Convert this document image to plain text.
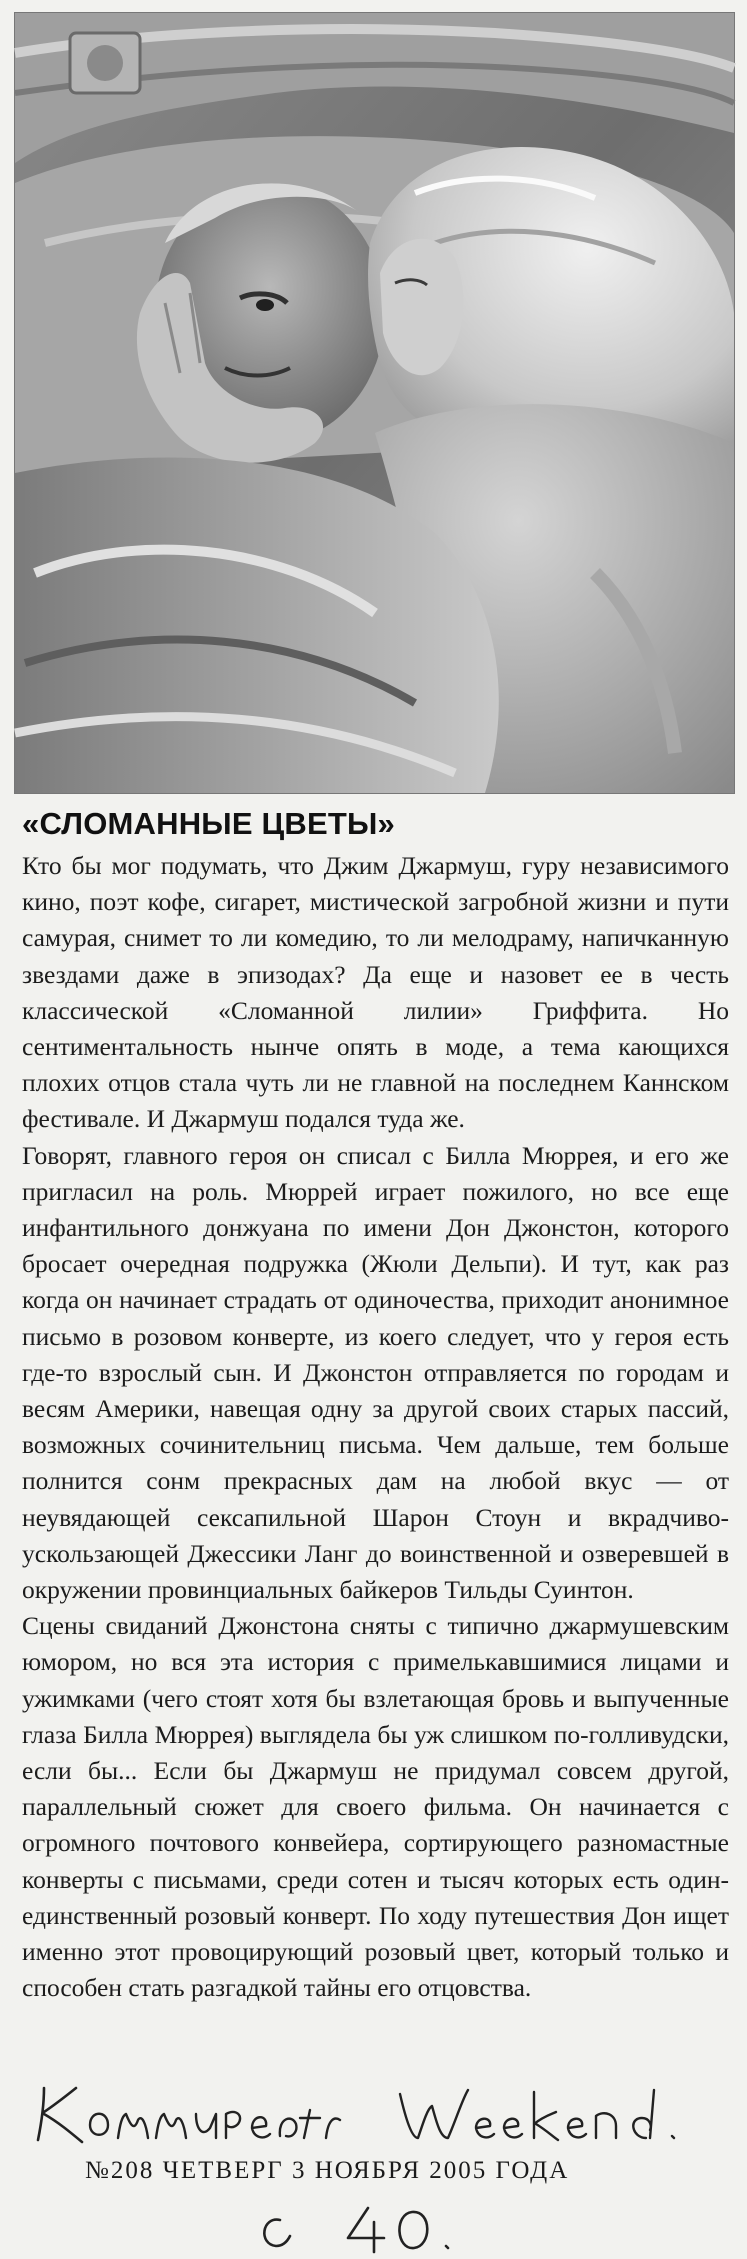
«СЛОМАННЫЕ ЦВЕТЫ»

Кто бы мог подумать, что Джим Джармуш, гуру независимого кино, поэт кофе, сигарет, мистической загробной жизни и пути самурая, снимет то ли комедию, то ли мелодраму, напичканную звездами даже в эпизодах? Да еще и назовет ее в честь классической «Сломанной лилии» Гриффита. Но сентиментальность нынче опять в моде, а тема кающихся плохих отцов стала чуть ли не главной на последнем Каннском фестивале. И Джармуш подался туда же.

Говорят, главного героя он списал с Билла Мюррея, и его же пригласил на роль. Мюррей играет пожилого, но все еще инфантильного донжуана по имени Дон Джонстон, которого бросает очередная подружка (Жюли Дельпи). И тут, как раз когда он начинает страдать от одиночества, приходит анонимное письмо в розовом конверте, из коего следует, что у героя есть где-то взрослый сын. И Джонстон отправляется по городам и весям Америки, навещая одну за другой своих старых пассий, возможных сочинительниц письма. Чем дальше, тем больше полнится сонм прекрасных дам на любой вкус — от неувядающей сексапильной Шарон Стоун и вкрадчиво-ускользающей Джессики Ланг до воинственной и озверевшей в окружении провинциальных байкеров Тильды Суинтон.

Сцены свиданий Джонстона сняты с типично джармушевским юмором, но вся эта история с примелькавшимися лицами и ужимками (чего стоят хотя бы взлетающая бровь и выпученные глаза Билла Мюррея) выглядела бы уж слишком по-голливудски, если бы... Если бы Джармуш не придумал совсем другой, параллельный сюжет для своего фильма. Он начинается с огромного почтового конвейера, сортирующего разномастные конверты с письмами, среди сотен и тысяч которых есть один-единственный розовый конверт. По ходу путешествия Дон ищет именно этот провоцирующий розовый цвет, который только и способен стать разгадкой тайны его отцовства.

Коммерсантъ Weekend.
№208 ЧЕТВЕРГ 3 НОЯБРЯ 2005 ГОДА
с. 40.
